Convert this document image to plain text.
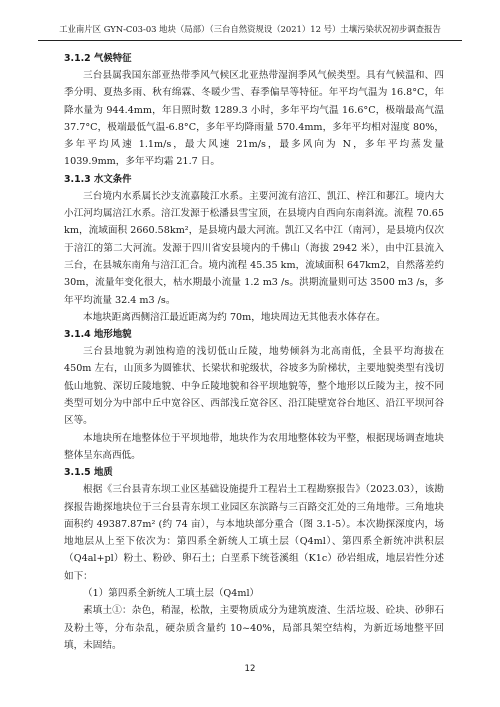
工业南片区 GYN-C03-03 地块（局部）（三台自然资规设（2021）12 号）土壤污染状况初步调查报告

3.1.2 气候特征

三台县属我国东部亚热带季风气候区北亚热带湿润季风气候类型。具有气候温和、四季分明、夏热多雨、秋有绵霖、冬暖少雪、春季偏旱等特征。年平均气温为 16.8°C，年降水量为 944.4mm，年日照时数 1289.3 小时，多年平均气温 16.6°C，极端最高气温 37.7°C，极端最低气温-6.8°C，多年平均降雨量 570.4mm，多年平均相对湿度 80%，多年平均风速 1.1m/s，最大风速 21m/s，最多风向为 N，多年平均蒸发量 1039.9mm，多年平均霜 21.7 日。

3.1.3 水文条件

三台境内水系属长沙支流嘉陵江水系。主要河流有涪江、凯江、梓江和郪江。境内大小江河均属涪江水系。涪江发源于松潘县雪宝顶，在县境内自西向东南斜流。流程 70.65 km，流域面积 2660.58km²，是县境内最大河流。凯江又名中江（南河），是县境内仅次于涪江的第二大河流。发源于四川省安县境内的千佛山（海拔 2942 米），由中江县流入三台，在县城东南角与涪江汇合。境内流程 45.35 km，流域面积 647km2，自然落差约 30m，流量年变化很大，枯水期最小流量 1.2 m3 /s。洪期流量则可达 3500 m3 /s，多年平均流量 32.4 m3 /s。

本地块距离西侧涪江最近距离为约 70m，地块周边无其他表水体存在。

3.1.4 地形地貌

三台县地貌为剥蚀构造的浅切低山丘陵，地势倾斜为北高南低，全县平均海拔在 450m 左右，山顶多为圆锥状、长梁状和驼级状，谷坡多为阶梯状，主要地貌类型有浅切低山地貌、深切丘陵地貌、中争丘陵地貌和谷平坝地貌等，整个地形以丘陵为主，按不同类型可划分为中部中丘中宽谷区、西部浅丘宽谷区、沿江陡壁宽谷台地区、沿江平坝河谷区等。

本地块所在地整体位于平坝地带，地块作为农用地整体较为平整，根据现场调查地块整体呈东高西低。

3.1.5 地质

根据《三台县青东坝工业区基础设施提升工程岩土工程勘察报告》（2023.03），该勘探报告勘探地块位于三台县青东坝工业园区东滨路与三百路交汇处的三角地带。三角地块面积约 49387.87m² (约 74 亩），与本地块部分重合（图 3.1-5）。本次勘探深度内，场地地层从上至下依次为：第四系全新统人工填土层（Q4ml）、第四系全新统冲洪积层（Q4al+pl）粉土、粉砂、卵石土；白垩系下统苍溪组（K1c）砂岩组成，地层岩性分述如下：

（1）第四系全新统人工填土层（Q4ml）

素填土①：杂色，稍湿，松散，主要物质成分为建筑废渣、生活垃圾、砼块、砂卵石及粉土等，分布杂乱，硬杂质含量约 10~40%，局部具架空结构，为新近场地整平回填，未固结。

12
